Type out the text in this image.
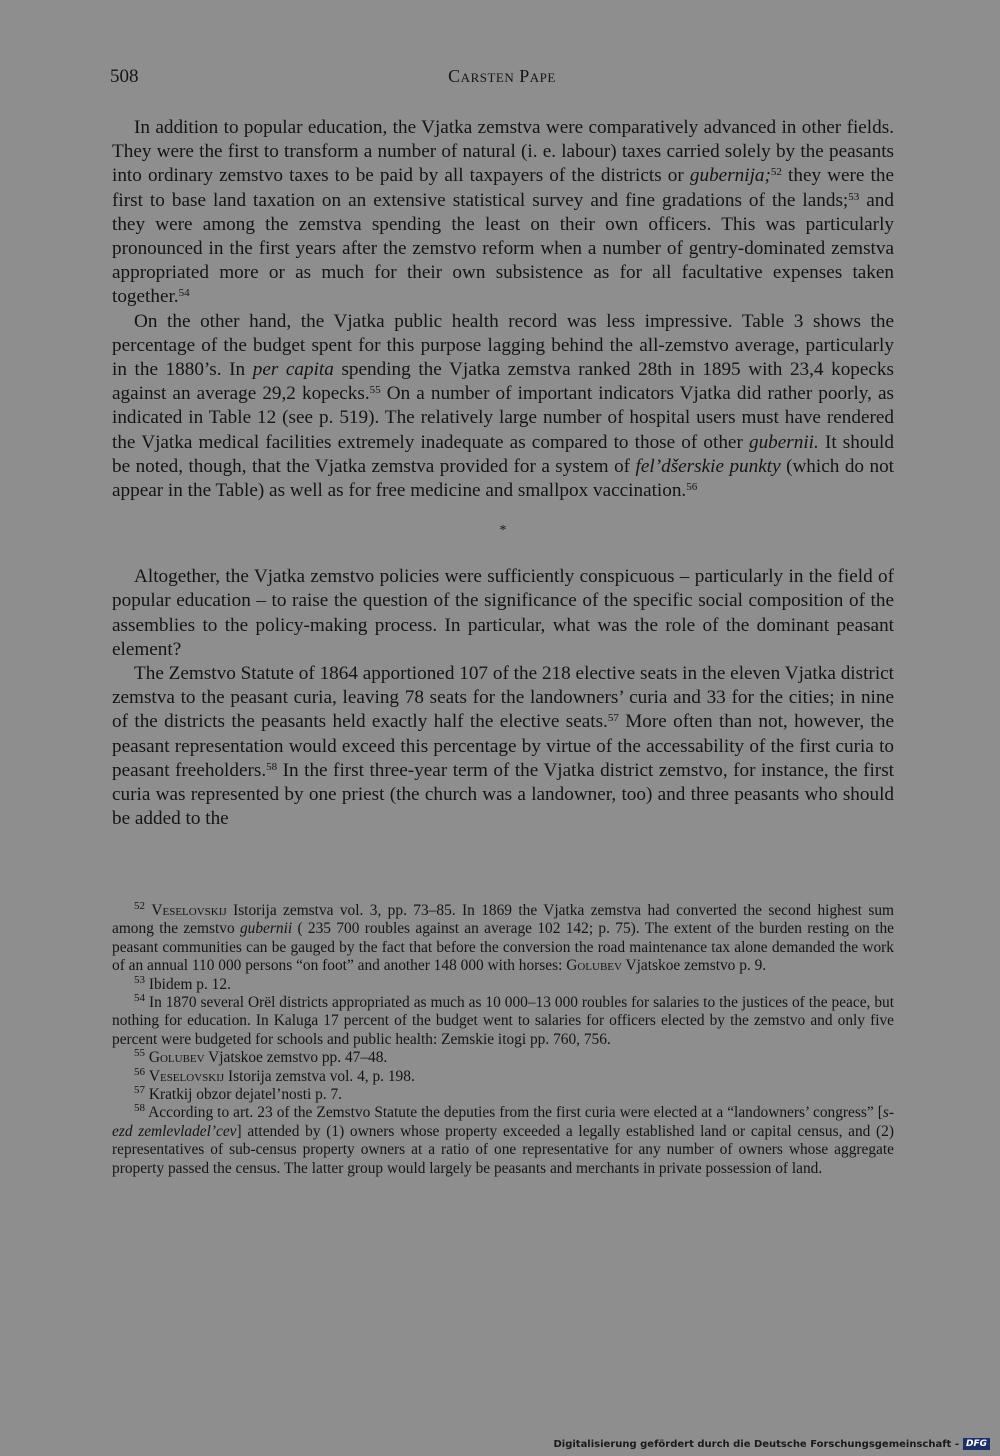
508	Carsten Pape

In addition to popular education, the Vjatka zemstva were comparatively advanced in other fields. They were the first to transform a number of natural (i. e. labour) taxes carried solely by the peasants into ordinary zemstvo taxes to be paid by all taxpayers of the districts or gubernija;$^{52}$ they were the first to base land taxation on an extensive statistical survey and fine gradations of the lands;$^{53}$ and they were among the zemstva spending the least on their own officers. This was particularly pronounced in the first years after the zemstvo reform when a number of gentry-dominated zemstva appropriated more or as much for their own subsistence as for all facultative expenses taken together.$^{54}$

On the other hand, the Vjatka public health record was less impressive. Table 3 shows the percentage of the budget spent for this purpose lagging behind the all-zemstvo average, particularly in the 1880’s. In per capita spending the Vjatka zemstva ranked 28th in 1895 with 23,4 kopecks against an average 29,2 kopecks.$^{55}$ On a number of important indicators Vjatka did rather poorly, as indicated in Table 12 (see p. 519). The relatively large number of hospital users must have rendered the Vjatka medical facilities extremely inadequate as compared to those of other gubernii. It should be noted, though, that the Vjatka zemstva provided for a system of fel’dšerskie punkty (which do not appear in the Table) as well as for free medicine and smallpox vaccination.$^{56}$

*

Altogether, the Vjatka zemstvo policies were sufficiently conspicuous – particularly in the field of popular education – to raise the question of the significance of the specific social composition of the assemblies to the policy-making process. In particular, what was the role of the dominant peasant element?

The Zemstvo Statute of 1864 apportioned 107 of the 218 elective seats in the eleven Vjatka district zemstva to the peasant curia, leaving 78 seats for the landowners’ curia and 33 for the cities; in nine of the districts the peasants held exactly half the elective seats.$^{57}$ More often than not, however, the peasant representation would exceed this percentage by virtue of the accessability of the first curia to peasant freeholders.$^{58}$ In the first three-year term of the Vjatka district zemstvo, for instance, the first curia was represented by one priest (the church was a landowner, too) and three peasants who should be added to the

$^{52}$ Veselovskij Istorija zemstva vol. 3, pp. 73–85. In 1869 the Vjatka zemstva had converted the second highest sum among the zemstvo gubernii ( 235 700 roubles against an average 102 142; p. 75). The extent of the burden resting on the peasant communities can be gauged by the fact that before the conversion the road maintenance tax alone demanded the work of an annual 110 000 persons “on foot” and another 148 000 with horses: Golubev Vjatskoe zemstvo p. 9.

$^{53}$ Ibidem p. 12.

$^{54}$ In 1870 several Orël districts appropriated as much as 10 000–13 000 roubles for salaries to the justices of the peace, but nothing for education. In Kaluga 17 percent of the budget went to salaries for officers elected by the zemstvo and only five percent were budgeted for schools and public health: Zemskie itogi pp. 760, 756.

$^{55}$ Golubev Vjatskoe zemstvo pp. 47–48.

$^{56}$ Veselovskij Istorija zemstva vol. 4, p. 198.

$^{57}$ Kratkij obzor dejatel’nosti p. 7.

$^{58}$ According to art. 23 of the Zemstvo Statute the deputies from the first curia were elected at a “landowners’ congress” [s-ezd zemlevladel’cev] attended by (1) owners whose property exceeded a legally established land or capital census, and (2) representatives of sub-census property owners at a ratio of one representative for any number of owners whose aggregate property passed the census. The latter group would largely be peasants and merchants in private possession of land.

Digitalisierung gefördert durch die Deutsche Forschungsgemeinschaft - DFG
